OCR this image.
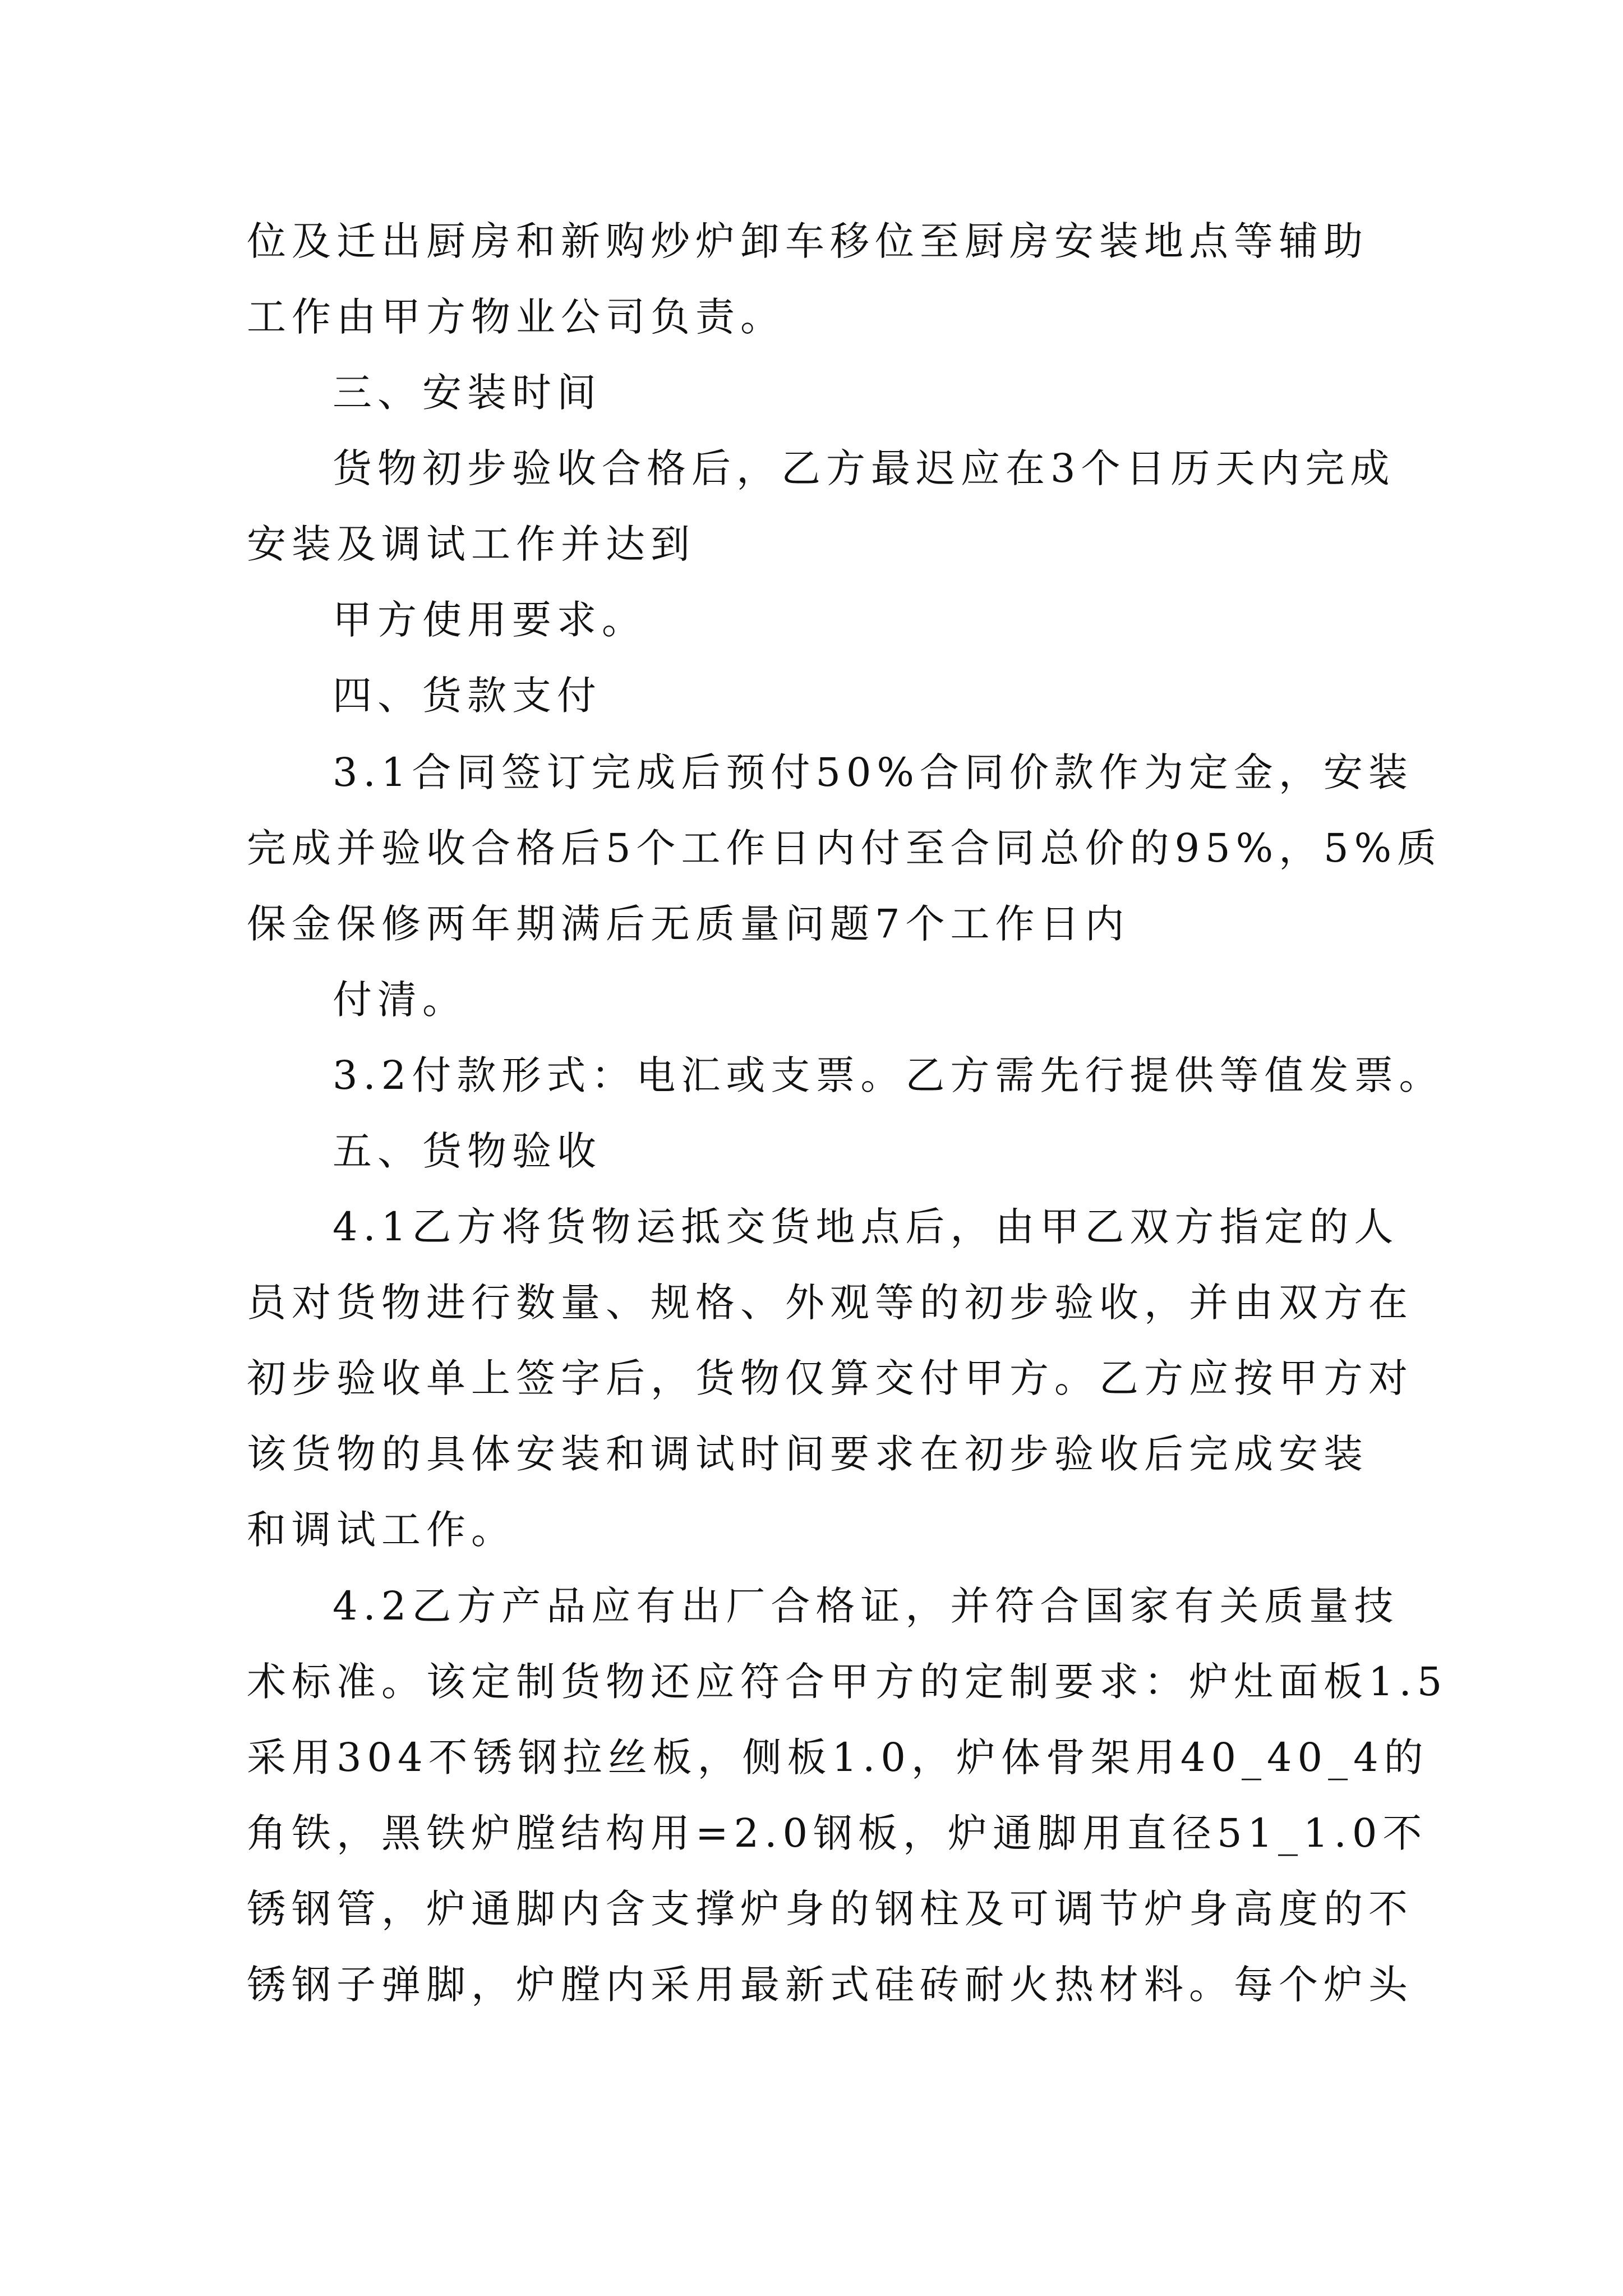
位及迁出厨房和新购炒炉卸车移位至厨房安装地点等辅助

工作由甲方物业公司负责。

三、安装时间

货物初步验收合格后，乙方最迟应在3个日历天内完成

安装及调试工作并达到

甲方使用要求。

四、货款支付

3.1合同签订完成后预付50%合同价款作为定金，安装

完成并验收合格后5个工作日内付至合同总价的95%，5%质

保金保修两年期满后无质量问题7个工作日内

付清。

3.2付款形式：电汇或支票。乙方需先行提供等值发票。

五、货物验收

4.1乙方将货物运抵交货地点后，由甲乙双方指定的人

员对货物进行数量、规格、外观等的初步验收，并由双方在

初步验收单上签字后，货物仅算交付甲方。乙方应按甲方对

该货物的具体安装和调试时间要求在初步验收后完成安装

和调试工作。

4.2乙方产品应有出厂合格证，并符合国家有关质量技

术标准。该定制货物还应符合甲方的定制要求：炉灶面板1.5

采用304不锈钢拉丝板，侧板1.0，炉体骨架用40_40_4的

角铁，黑铁炉膛结构用=2.0钢板，炉通脚用直径51_1.0不

锈钢管，炉通脚内含支撑炉身的钢柱及可调节炉身高度的不

锈钢子弹脚，炉膛内采用最新式硅砖耐火热材料。每个炉头
